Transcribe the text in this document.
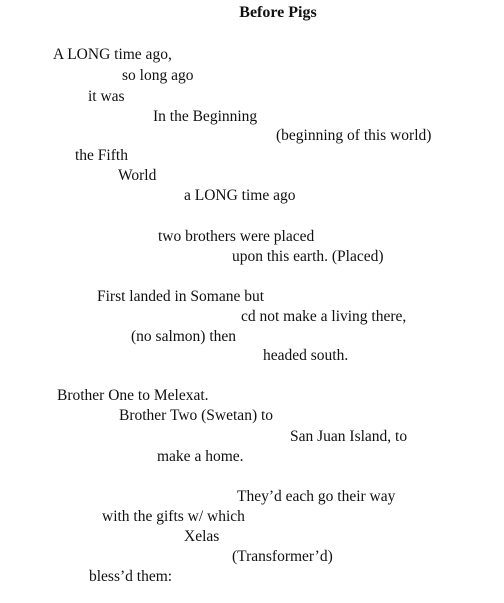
Before Pigs
A LONG time ago,
so long ago
it was
In the Beginning
(beginning of this world)
the Fifth
World
a LONG time ago
two brothers were placed
upon this earth. (Placed)
First landed in Somane but
cd not make a living there,
(no salmon) then
headed south.
Brother One to Melexat.
Brother Two (Swetan) to
San Juan Island, to
make a home.
They’d each go their way
with the gifts w/ which
Xelas
(Transformer’d)
bless’d them:
